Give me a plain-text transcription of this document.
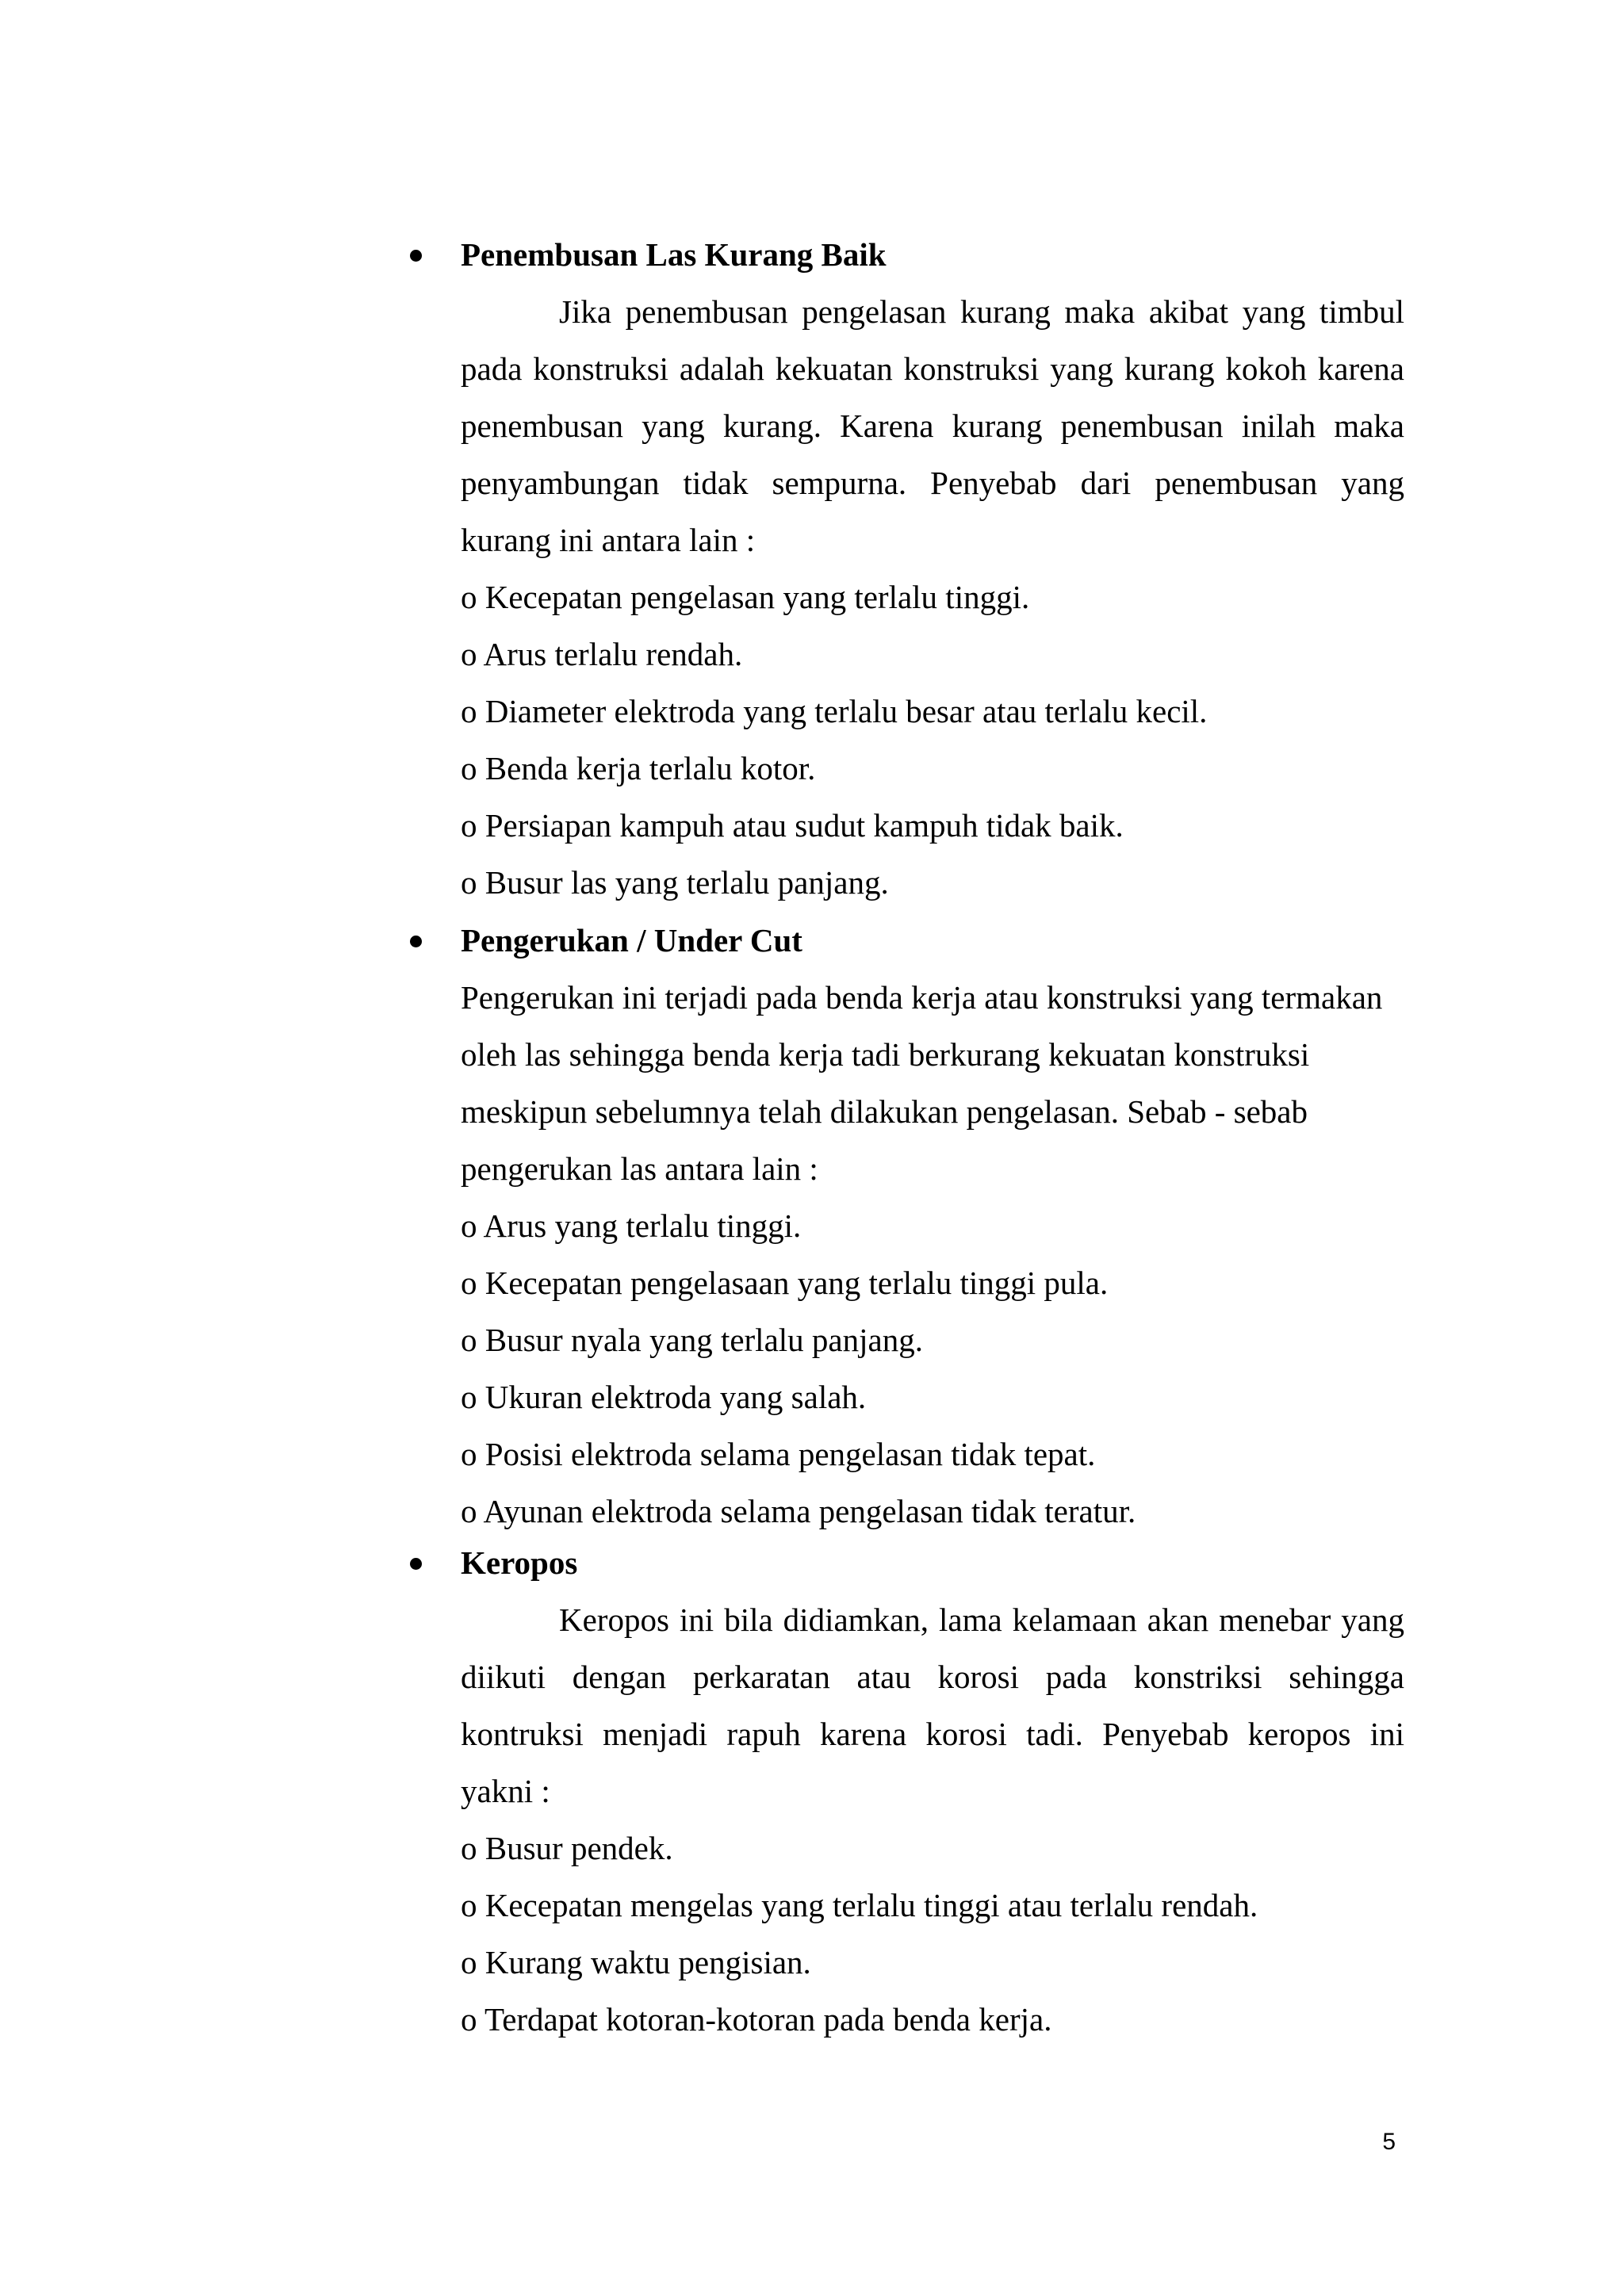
Penembusan Las Kurang Baik
Jika penembusan pengelasan kurang maka akibat yang timbul
pada konstruksi adalah kekuatan konstruksi yang kurang kokoh karena
penembusan yang kurang. Karena kurang penembusan inilah maka
penyambungan tidak sempurna. Penyebab dari penembusan yang
kurang ini antara lain :
o Kecepatan pengelasan yang terlalu tinggi.
o Arus terlalu rendah.
o Diameter elektroda yang terlalu besar atau terlalu kecil.
o Benda kerja terlalu kotor.
o Persiapan kampuh atau sudut kampuh tidak baik.
o Busur las yang terlalu panjang.
Pengerukan / Under Cut
Pengerukan ini terjadi pada benda kerja atau konstruksi yang termakan
oleh las sehingga benda kerja tadi berkurang kekuatan konstruksi
meskipun sebelumnya telah dilakukan pengelasan. Sebab - sebab
pengerukan las antara lain :
o Arus yang terlalu tinggi.
o Kecepatan pengelasaan yang terlalu tinggi pula.
o Busur nyala yang terlalu panjang.
o Ukuran elektroda yang salah.
o Posisi elektroda selama pengelasan tidak tepat.
o Ayunan elektroda selama pengelasan tidak teratur.
Keropos
Keropos ini bila didiamkan, lama kelamaan akan menebar yang
diikuti dengan perkaratan atau korosi pada konstriksi sehingga
kontruksi menjadi rapuh karena korosi tadi. Penyebab keropos ini
yakni :
o Busur pendek.
o Kecepatan mengelas yang terlalu tinggi atau terlalu rendah.
o Kurang waktu pengisian.
o Terdapat kotoran-kotoran pada benda kerja.
5
